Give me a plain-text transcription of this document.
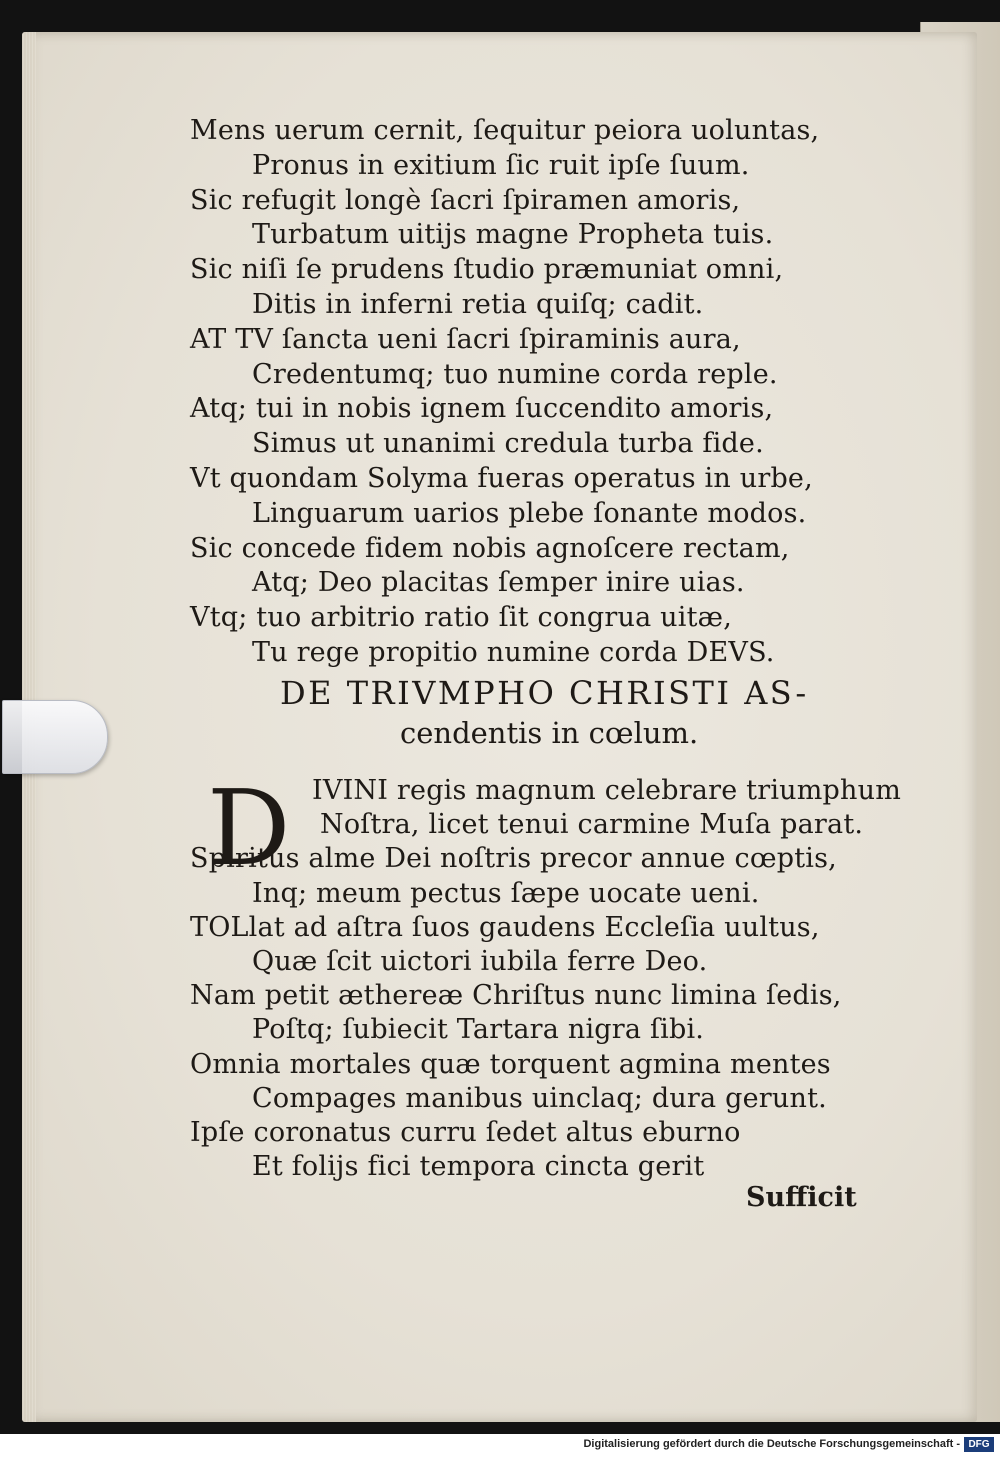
Mens uerum cernit, ſequitur peiora uoluntas,
Pronus in exitium ſic ruit ipſe ſuum.
Sic refugit longè ſacri ſpiramen amoris,
Turbatum uitijs magne Propheta tuis.
Sic niſi ſe prudens ſtudio præmuniat omni,
Ditis in inferni retia quiſq; cadit.
AT TV ſancta ueni ſacri ſpiraminis aura,
Credentumq; tuo numine corda reple.
Atq; tui in nobis ignem ſuccendito amoris,
Simus ut unanimi credula turba fide.
Vt quondam Solyma fueras operatus in urbe,
Linguarum uarios plebe ſonante modos.
Sic concede fidem nobis agnoſcere rectam,
Atq; Deo placitas ſemper inire uias.
Vtq; tuo arbitrio ratio ſit congrua uitæ,
Tu rege propitio numine corda DEVS.
DE TRIVMPHO CHRISTI AS-
cendentis in cœlum.
D IVINI regis magnum celebrare triumphum
Noſtra, licet tenui carmine Muſa parat.
Spiritus alme Dei noſtris precor annue cœptis,
Inq; meum pectus ſæpe uocate ueni.
TOLlat ad aſtra ſuos gaudens Eccleſia uultus,
Quæ ſcit uictori iubila ferre Deo.
Nam petit æthereæ Chriſtus nunc limina ſedis,
Poſtq; ſubiecit Tartara nigra ſibi.
Omnia mortales quæ torquent agmina mentes
Compages manibus uinclaq; dura gerunt.
Ipſe coronatus curru ſedet altus eburno
Et folijs fici tempora cincta gerit
Sufficit
Digitalisierung gefördert durch die Deutsche Forschungsgemeinschaft - DFG
